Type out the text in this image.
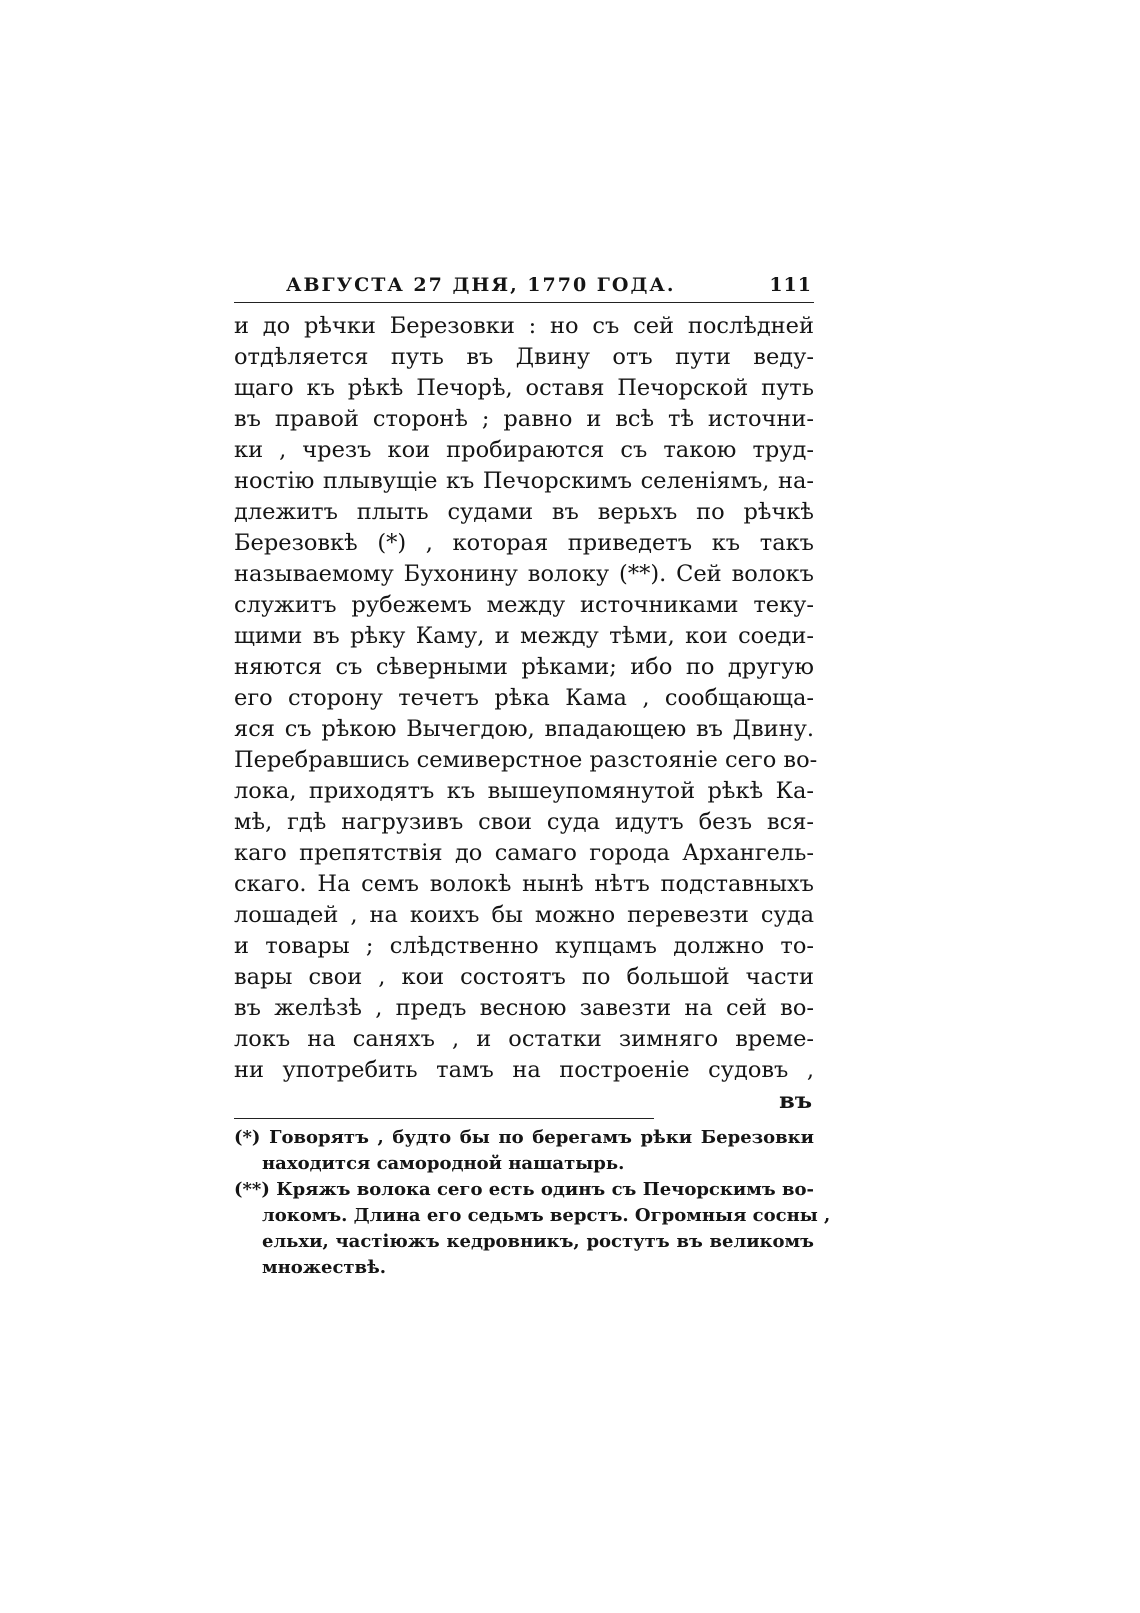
АВГУСТА 27 ДНЯ, 1770 ГОДА.	111
и до рѣчки Березовки : но съ сей послѣдней
отдѣляется путь въ Двину отъ пути веду-
щаго къ рѣкѣ Печорѣ, оставя Печорской путь
въ правой сторонѣ ; равно и всѣ тѣ источни-
ки , чрезъ кои пробираются съ такою труд-
ностiю плывущiе къ Печорскимъ селенiямъ, на-
длежитъ плыть судами въ верьхъ по рѣчкѣ
Березовкѣ (*) , которая приведетъ къ такъ
называемому Бухонину волоку (**). Сей волокъ
служитъ рубежемъ между источниками теку-
щими въ рѣку Каму, и между тѣми, кои соеди-
няются съ сѣверными рѣками; ибо по другую
его сторону течетъ рѣка Кама , сообщающа-
яся съ рѣкою Вычегдою, впадающею въ Двину.
Перебравшись семиверстное разстоянiе сего во-
лока, приходятъ къ вышеупомянутой рѣкѣ Ка-
мѣ, гдѣ нагрузивъ свои суда идутъ безъ вся-
каго препятствiя до самаго города Архангель-
скаго. На семъ волокѣ нынѣ нѣтъ подставныхъ
лошадей , на коихъ бы можно перевезти суда
и товары ; слѣдственно купцамъ должно то-
вары свои , кои состоятъ по большой части
въ желѣзѣ , предъ весною завезти на сей во-
локъ на саняхъ , и остатки зимняго време-
ни употребить тамъ на построенiе судовъ ,
въ
(*) Говорятъ , будто бы по берегамъ рѣки Березовки
находится самородной нашатырь.
(**) Кряжъ волока сего есть одинъ съ Печорскимъ во-
локомъ. Длина его седьмъ верстъ. Огромныя сосны ,
ельхи, частiюжъ кедровникъ, ростутъ въ великомъ
множествѣ.
